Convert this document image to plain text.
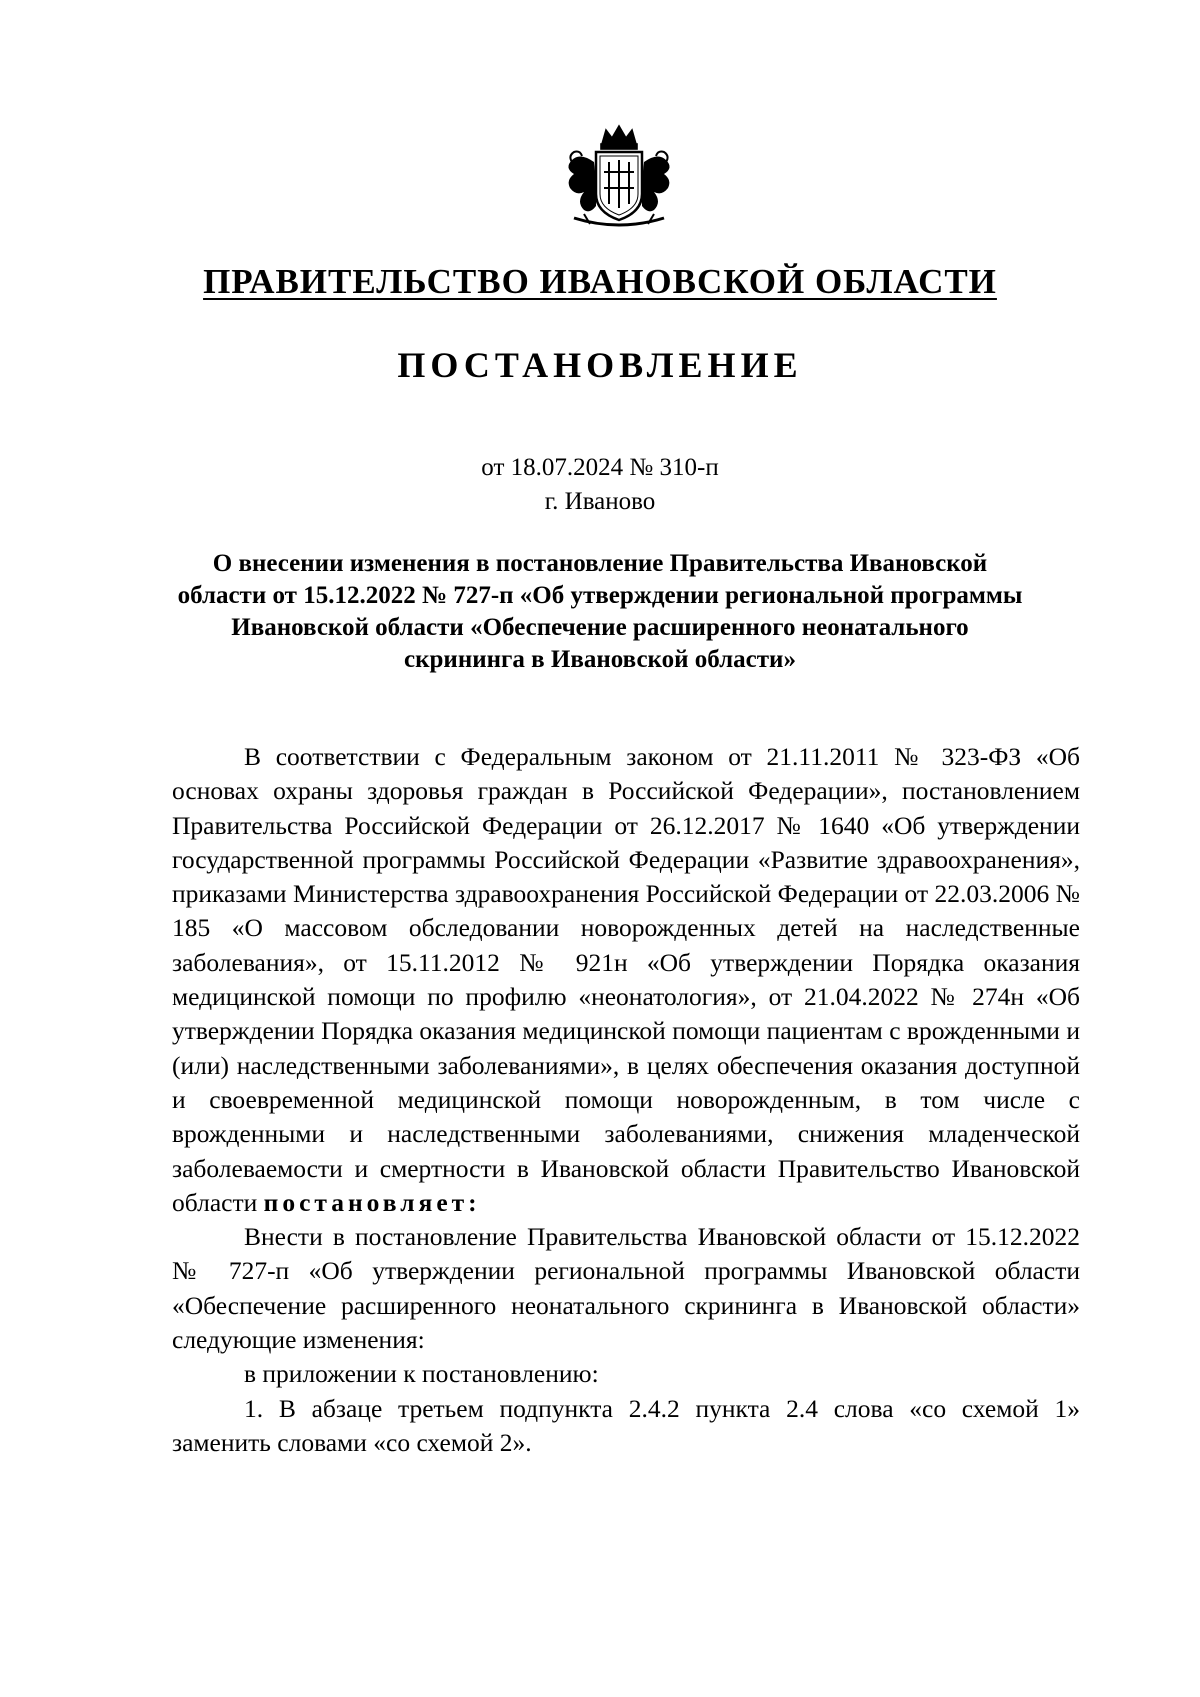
ПРАВИТЕЛЬСТВО ИВАНОВСКОЙ ОБЛАСТИ
ПОСТАНОВЛЕНИЕ
от 18.07.2024 № 310-п
г. Иваново
О внесении изменения в постановление Правительства Ивановской области от 15.12.2022 № 727-п «Об утверждении региональной программы Ивановской области «Обеспечение расширенного неонатального скрининга в Ивановской области»

В соответствии с Федеральным законом от 21.11.2011 № 323-ФЗ «Об основах охраны здоровья граждан в Российской Федерации», постановлением Правительства Российской Федерации от 26.12.2017 № 1640 «Об утверждении государственной программы Российской Федерации «Развитие здравоохранения», приказами Министерства здравоохранения Российской Федерации от 22.03.2006 № 185 «О массовом обследовании новорожденных детей на наследственные заболевания», от 15.11.2012 № 921н «Об утверждении Порядка оказания медицинской помощи по профилю «неонатология», от 21.04.2022 № 274н «Об утверждении Порядка оказания медицинской помощи пациентам с врожденными и (или) наследственными заболеваниями», в целях обеспечения оказания доступной и своевременной медицинской помощи новорожденным, в том числе с врожденными и наследственными заболеваниями, снижения младенческой заболеваемости и смертности в Ивановской области Правительство Ивановской области постановляет:

Внести в постановление Правительства Ивановской области от 15.12.2022 № 727-п «Об утверждении региональной программы Ивановской области «Обеспечение расширенного неонатального скрининга в Ивановской области» следующие изменения:

в приложении к постановлению:

1. В абзаце третьем подпункта 2.4.2 пункта 2.4 слова «со схемой 1» заменить словами «со схемой 2».
